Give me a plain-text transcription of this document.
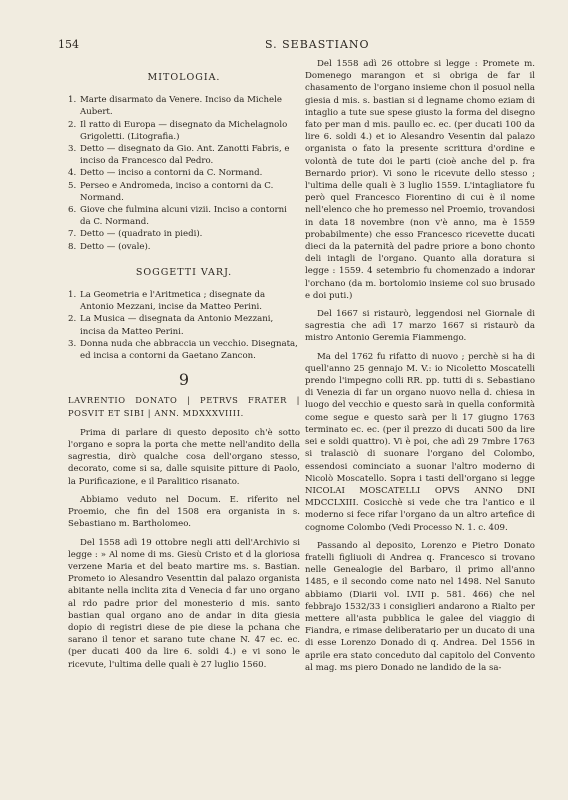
154	S. SEBASTIANO
MITOLOGIA.
1. Marte disarmato da Venere. Inciso da Michele Aubert.
2. Il ratto di Europa — disegnato da Michelagnolo Grigoletti. (Litografia.)
3. Detto — disegnato da Gio. Ant. Zanotti Fabris, e inciso da Francesco dal Pedro.
4. Detto — inciso a contorni da C. Normand.
5. Perseo e Andromeda, inciso a contorni da C. Normand.
6. Giove che fulmina alcuni vizii. Inciso a contorni da C. Normand.
7. Detto — (quadrato in piedi).
8. Detto — (ovale).
SOGGETTI VARJ.
1. La Geometria e l'Aritmetica ; disegnate da Antonio Mezzani, incise da Matteo Perini.
2. La Musica — disegnata da Antonio Mezzani, incisa da Matteo Perini.
3. Donna nuda che abbraccia un vecchio. Disegnata, ed incisa a contorni da Gaetano Zancon.
9
LAVRENTIO DONATO | PETRVS FRATER | POSVIT ET SIBI | ANN. MDXXXVIIII.

Prima di parlare di questo deposito ch'è sotto l'organo e sopra la porta che mette nell'andito della sagrestia, dirò qualche cosa dell'organo stesso, decorato, come si sa, dalle squisite pitture di Paolo, la Purificazione, e il Paralitico risanato.

Abbiamo veduto nel Docum. E. riferito nel Proemio, che fin del 1508 era organista in s. Sebastiano m. Bartholomeo.

Del 1558 adì 19 ottobre negli atti dell'Archivio si legge : » Al nome di ms. Giesù Cristo et d la gloriosa verzene Maria et del beato martire ms. s. Bastian. Prometo io Alesandro Vesenttin dal palazo organista abitante nella inclita zita d Venecia d far uno organo al rdo padre prior del monesterio d mis. santo bastian qual organo ano de andar in dita giesia dopio di registri diese de pie diese la pchana che sarano il tenor et sarano tute chane N. 47 ec. ec. (per ducati 400 da lire 6. soldi 4.) e vi sono le ricevute, l'ultima delle quali è 27 luglio 1560.

Del 1558 adì 26 ottobre si legge : Promete m. Domenego marangon et si obriga de far il chasamento de l'organo insieme chon il posuol nella giesia d mis. s. bastian si d legname chomo eziam di intaglio a tute sue spese giusto la forma del disegno fato per man d mis. paullo ec. ec. (per ducati 100 da lire 6. soldi 4.) et io Alesandro Vesentin dal palazo organista o fato la presente scrittura d'ordine e volontà de tute doi le parti (cioè anche del p. fra Bernardo prior). Vi sono le ricevute dello stesso ; l'ultima delle quali è 3 luglio 1559. L'intagliatore fu però quel Francesco Fiorentino di cui è il nome nell'elenco che ho premesso nel Proemio, trovandosi in data 18 novembre (non v'è anno, ma è 1559 probabilmente) che esso Francesco ricevette ducati dieci da la paternità del padre priore a bono chonto deli intagli de l'organo. Quanto alla doratura si legge : 1559. 4 setembrio fu chomenzado a indorar l'orchano (da m. bortolomio insieme col suo brusado e doi puti.)

Del 1667 si ristaurò, leggendosi nel Giornale di sagrestia che adì 17 marzo 1667 si ristaurò da mistro Antonio Geremia Fiammengo.

Ma del 1762 fu rifatto di nuovo ; perchè si ha di quell'anno 25 gennajo M. V.: io Nicoletto Moscatelli prendo l'impegno colli RR. pp. tutti di s. Sebastiano di Venezia di far un organo nuovo nella d. chiesa in luogo del vecchio e questo sarà in quella conformità come segue e questo sarà per li 17 giugno 1763 terminato ec. ec. (per il prezzo di ducati 500 da lire sei e soldi quattro). Vi è poi, che adì 29 7mbre 1763 si tralasciò di suonare l'organo del Colombo, essendosi cominciato a suonar l'altro moderno di Nicolò Moscatello. Sopra i tasti dell'organo si legge NICOLAI MOSCATELLI OPVS ANNO DNI MDCCLXIII. Cosicchè si vede che tra l'antico e il moderno si fece rifar l'organo da un altro artefice di cognome Colombo (Vedi Processo N. 1. c. 409.

Passando al deposito, Lorenzo e Pietro Donato fratelli figliuoli di Andrea q. Francesco si trovano nelle Genealogie del Barbaro, il primo all'anno 1485, e il secondo come nato nel 1498. Nel Sanuto abbiamo (Diarii vol. LVII p. 581. 466) che nel febbrajo 1532/33 i consiglieri andarono a Rialto per mettere all'asta pubblica le galee del viaggio di Fiandra, e rimase deliberatario per un ducato di una di esse Lorenzo Donado di q. Andrea. Del 1556 in aprile era stato conceduto dal capitolo del Convento al mag. ms piero Donado ne landido de la sa-
